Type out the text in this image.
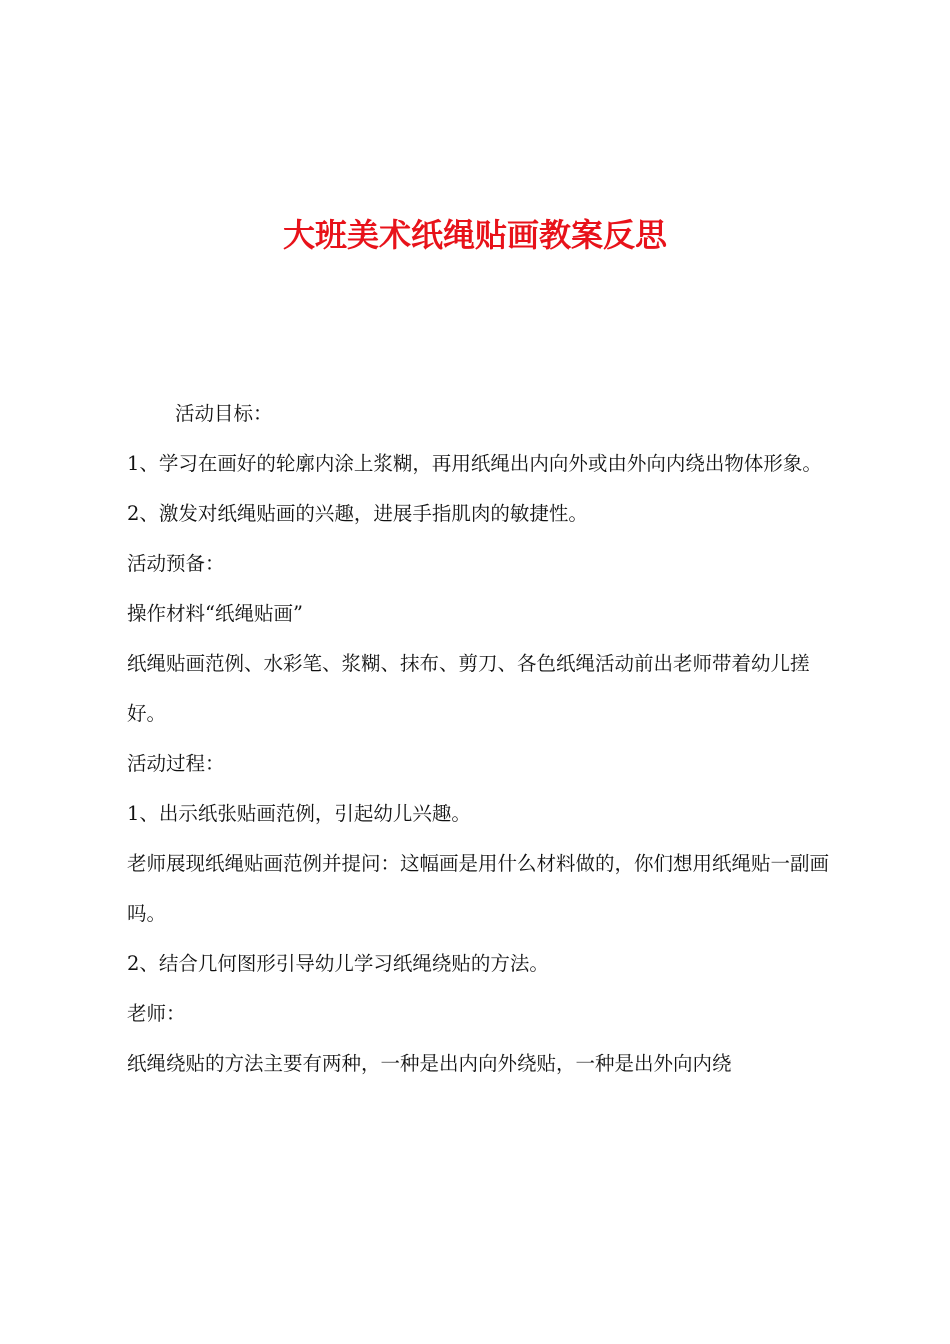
大班美术纸绳贴画教案反思

活动目标：

1、学习在画好的轮廓内涂上浆糊，再用纸绳出内向外或由外向内绕出物体形象。

2、激发对纸绳贴画的兴趣，进展手指肌肉的敏捷性。

活动预备：

操作材料“纸绳贴画”

纸绳贴画范例、水彩笔、浆糊、抹布、剪刀、各色纸绳活动前出老师带着幼儿搓好。

活动过程：

1、出示纸张贴画范例，引起幼儿兴趣。

老师展现纸绳贴画范例并提问：这幅画是用什么材料做的，你们想用纸绳贴一副画吗。

2、结合几何图形引导幼儿学习纸绳绕贴的方法。

老师：

纸绳绕贴的方法主要有两种，一种是出内向外绕贴，一种是出外向内绕
